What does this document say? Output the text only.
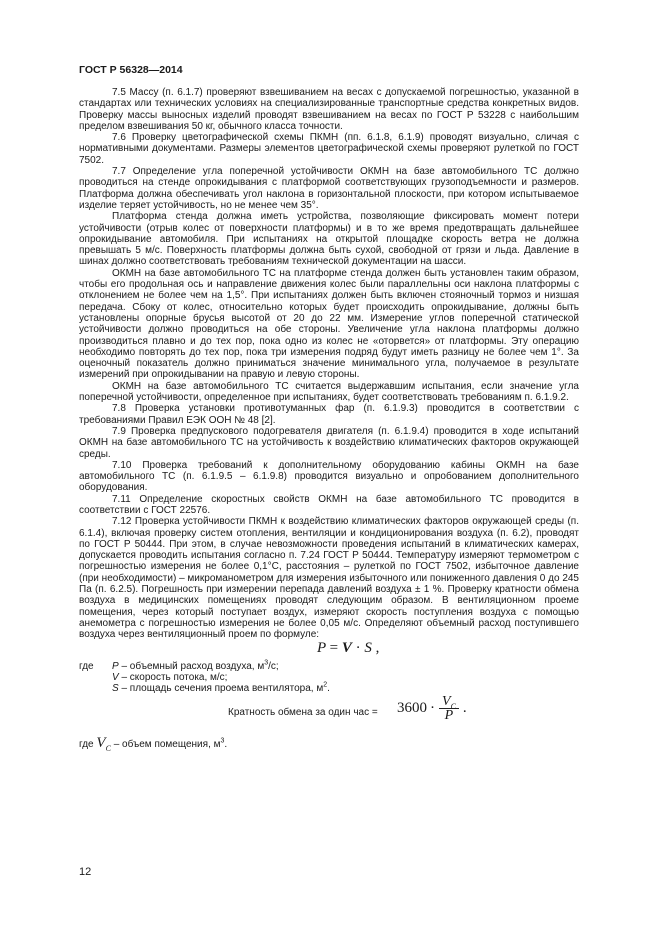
ГОСТ Р 56328—2014

7.5 Массу (п. 6.1.7) проверяют взвешиванием на весах с допускаемой погрешностью, указанной в стандартах или технических условиях на специализированные транспортные средства конкретных видов. Проверку массы выносных изделий проводят взвешиванием на весах по ГОСТ Р 53228 с наибольшим пределом взвешивания 50 кг, обычного класса точности.

7.6 Проверку цветографической схемы ПКМН (пп. 6.1.8, 6.1.9) проводят визуально, сличая с нормативными документами. Размеры элементов цветографической схемы проверяют рулеткой по ГОСТ 7502.

7.7 Определение угла поперечной устойчивости ОКМН на базе автомобильного ТС должно проводиться на стенде опрокидывания с платформой соответствующих грузоподъемности и размеров. Платформа должна обеспечивать угол наклона в горизонтальной плоскости, при котором испытываемое изделие теряет устойчивость, но не менее чем 35°.

Платформа стенда должна иметь устройства, позволяющие фиксировать момент потери устойчивости (отрыв колес от поверхности платформы) и в то же время предотвращать дальнейшее опрокидывание автомобиля. При испытаниях на открытой площадке скорость ветра не должна превышать 5 м/с. Поверхность платформы должна быть сухой, свободной от грязи и льда. Давление в шинах должно соответствовать требованиям технической документации на шасси.

ОКМН на базе автомобильного ТС на платформе стенда должен быть установлен таким образом, чтобы его продольная ось и направление движения колес были параллельны оси наклона платформы с отклонением не более чем на 1,5°. При испытаниях должен быть включен стояночный тормоз и низшая передача. Сбоку от колес, относительно которых будет происходить опрокидывание, должны быть установлены опорные брусья высотой от 20 до 22 мм. Измерение углов поперечной статической устойчивости должно проводиться на обе стороны. Увеличение угла наклона платформы должно производиться плавно и до тех пор, пока одно из колес не «оторвется» от платформы. Эту операцию необходимо повторять до тех пор, пока три измерения подряд будут иметь разницу не более чем 1°. За оценочный показатель должно приниматься значение минимального угла, получаемое в результате измерений при опрокидывании на правую и левую стороны.

ОКМН на базе автомобильного ТС считается выдержавшим испытания, если значение угла поперечной устойчивости, определенное при испытаниях, будет соответствовать требованиям п. 6.1.9.2.

7.8 Проверка установки противотуманных фар (п. 6.1.9.3) проводится в соответствии с требованиями Правил ЕЭК ООН № 48 [2].

7.9 Проверка предпускового подогревателя двигателя (п. 6.1.9.4) проводится в ходе испытаний ОКМН на базе автомобильного ТС на устойчивость к воздействию климатических факторов окружающей среды.

7.10 Проверка требований к дополнительному оборудованию кабины ОКМН на базе автомобильного ТС (п. 6.1.9.5 – 6.1.9.8) проводится визуально и опробованием дополнительного оборудования.

7.11 Определение скоростных свойств ОКМН на базе автомобильного ТС проводится в соответствии с ГОСТ 22576.

7.12 Проверка устойчивости ПКМН к воздействию климатических факторов окружающей среды (п. 6.1.4), включая проверку систем отопления, вентиляции и кондиционирования воздуха (п. 6.2), проводят по ГОСТ Р 50444. При этом, в случае невозможности проведения испытаний в климатических камерах, допускается проводить испытания согласно п. 7.24 ГОСТ Р 50444. Температуру измеряют термометром с погрешностью измерения не более 0,1°С, расстояния – рулеткой по ГОСТ 7502, избыточное давление (при необходимости) – микроманометром для измерения избыточного или пониженного давления 0 до 245 Па (п. 6.2.5). Погрешность при измерении перепада давлений воздуха ± 1 %. Проверку кратности обмена воздуха в медицинских помещениях проводят следующим образом. В вентиляционном проеме помещения, через который поступает воздух, измеряют скорость поступления воздуха с помощью анемометра с погрешностью измерения не более 0,05 м/с. Определяют объемный расход поступившего воздуха через вентиляционный проем по формуле:

P = V · S ,
где P – объемный расход воздуха, $м^3/с$;
V – скорость потока, м/с;
S – площадь сечения проема вентилятора, $м^2$.
Кратность обмена за один час = $3600 \cdot \frac{V_C}{P}$ .
где $V_C$ – объем помещения, $м^3$.
12
